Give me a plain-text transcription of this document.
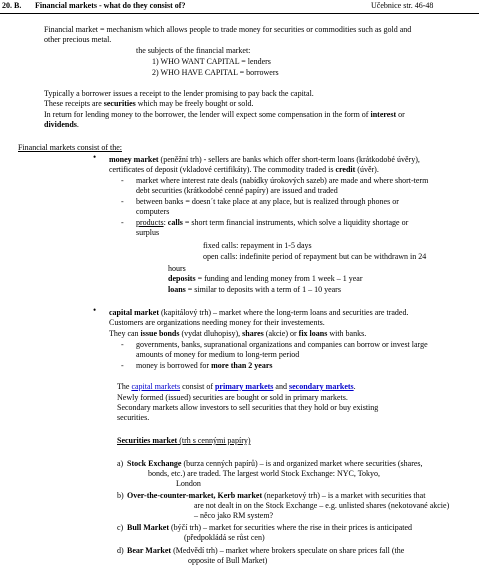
20. B. Financial markets - what do they consist of?	Učebnice str. 46-48
Financial market = mechanism which allows people to trade money for securities or commodities such as gold and
other precious metal.
the subjects of the financial market:
1) WHO WANT CAPITAL = lenders
2) WHO HAVE CAPITAL = borrowers
Typically a borrower issues a receipt to the lender promising to pay back the capital.
These receipts are securities which may be freely bought or sold.
In return for lending money to the borrower, the lender will expect some compensation in the form of interest or
dividends.
Financial markets consist of the:
• money market (peněžní trh) - sellers are banks which offer short-term loans (krátkodobé úvěry),
certificates of deposit (vkladové certifikáty). The commodity traded is credit (úvěr).
- market where interest rate deals (nabídky úrokových sazeb) are made and where short-term
debt securities (krátkodobé cenné papíry) are issued and traded
- between banks = doesn´t take place at any place, but is realized through phones or
computers
- products: calls = short term financial instruments, which solve a liquidity shortage or
surplus
fixed calls: repayment in 1-5 days
open calls: indefinite period of repayment but can be withdrawn in 24
hours
deposits = funding and lending money from 1 week – 1 year
loans = similar to deposits with a term of 1 – 10 years
• capital market (kapitálový trh) – market where the long-term loans and securities are traded.
Customers are organizations needing money for their investements.
They can issue bonds (vydat dluhopisy), shares (akcie) or fix loans with banks.
- governments, banks, supranational organizations and companies can borrow or invest large
amounts of money for medium to long-term period
- money is borrowed for more than 2 years
The capital markets consist of primary markets and secondary markets.
Newly formed (issued) securities are bought or sold in primary markets.
Secondary markets allow investors to sell securities that they hold or buy existing
securities.
Securities market (trh s cennými papíry)
a) Stock Exchange (burza cenných papírů) – is and organized market where securities (shares,
bonds, etc.) are traded. The largest world Stock Exchange: NYC, Tokyo,
London
b) Over-the-counter-market, Kerb market (neparketový trh) – is a market with securities that
are not dealt in on the Stock Exchange – e.g. unlisted shares (nekotované akcie)
– něco jako RM system?
c) Bull Market (býčí trh) – market for securities where the rise in their prices is anticipated
(předpokládá se růst cen)
d) Bear Market (Medvědí trh) – market where brokers speculate on share prices fall (the
opposite of Bull Market)
